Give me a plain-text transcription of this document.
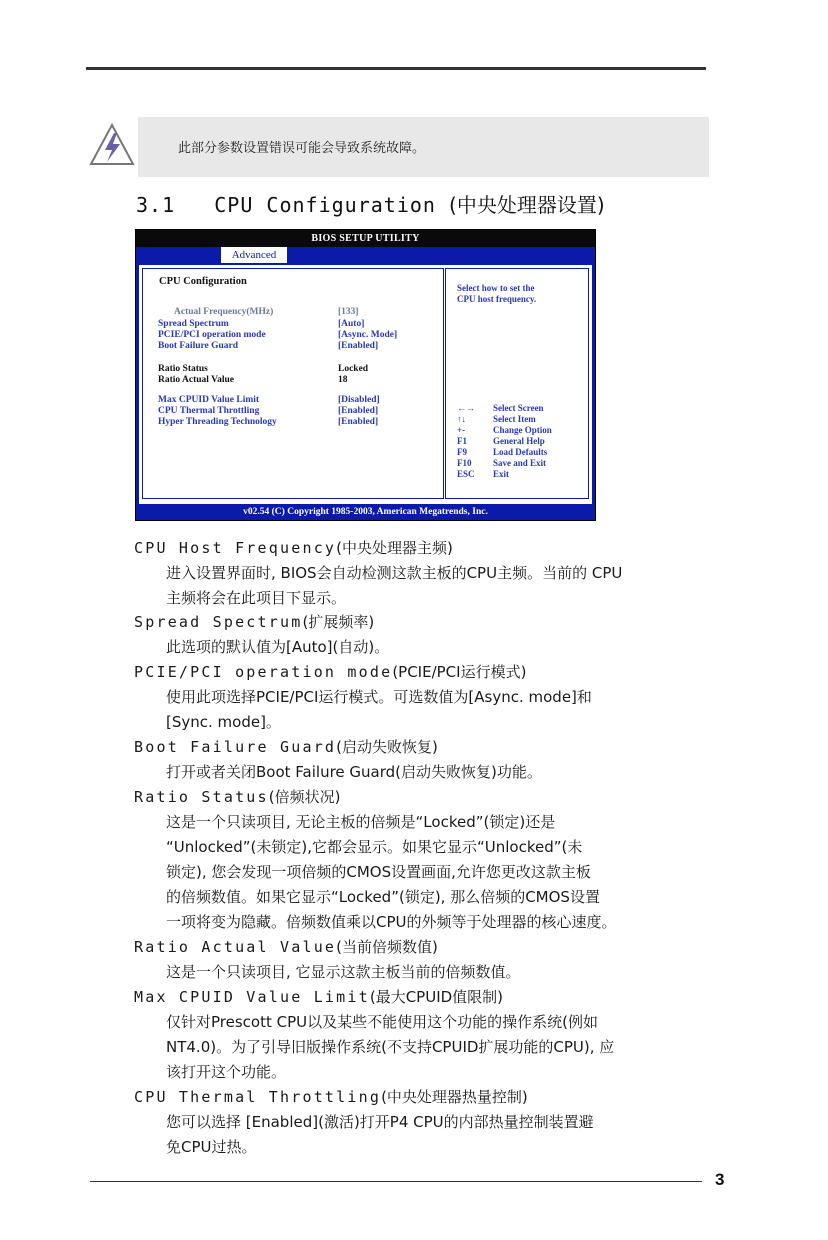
此部分参数设置错误可能会导致系统故障。
3.1 CPU Configuration (中央处理器设置)
BIOS SETUP UTILITY
Advanced
CPU Configuration
CPU Host Frequency	[Auto]
Actual Frequency(MHz)	[133]
Spread Spectrum	[Auto]
PCIE/PCI operation mode	[Async. Mode]
Boot Failure Guard	[Enabled]
Ratio Status	Locked
Ratio Actual Value	18
Max CPUID Value Limit	[Disabled]
CPU Thermal Throttling	[Enabled]
Hyper Threading Technology	[Enabled]
Select how to set the
CPU host frequency.
←→ Select Screen
↑↓	Select Item
+-	Change Option
F1	General Help
F9	Load Defaults
F10 Save and Exit
ESC Exit
v02.54 (C) Copyright 1985-2003, American Megatrends, Inc.
CPU Host Frequency(中央处理器主频)
进入设置界面时, BIOS会自动检测这款主板的CPU主频。当前的 CPU
主频将会在此项目下显示。
Spread Spectrum(扩展频率)
此选项的默认值为[Auto](自动)。
PCIE/PCI operation mode(PCIE/PCI运行模式)
使用此项选择PCIE/PCI运行模式。可选数值为[Async. mode]和
[Sync. mode]。
Boot Failure Guard(启动失败恢复)
打开或者关闭Boot Failure Guard(启动失败恢复)功能。
Ratio Status(倍频状况)
这是一个只读项目, 无论主板的倍频是“Locked”(锁定)还是
“Unlocked”(未锁定),它都会显示。如果它显示“Unlocked”(未
锁定), 您会发现一项倍频的CMOS设置画面,允许您更改这款主板
的倍频数值。如果它显示“Locked”(锁定), 那么倍频的CMOS设置
一项将变为隐藏。倍频数值乘以CPU的外频等于处理器的核心速度。
Ratio Actual Value(当前倍频数值)
这是一个只读项目, 它显示这款主板当前的倍频数值。
Max CPUID Value Limit(最大CPUID值限制)
仅针对Prescott CPU以及某些不能使用这个功能的操作系统(例如
NT4.0)。为了引导旧版操作系统(不支持CPUID扩展功能的CPU), 应
该打开这个功能。
CPU Thermal Throttling(中央处理器热量控制)
您可以选择 [Enabled](激活)打开P4 CPU的内部热量控制装置避
免CPU过热。
3
